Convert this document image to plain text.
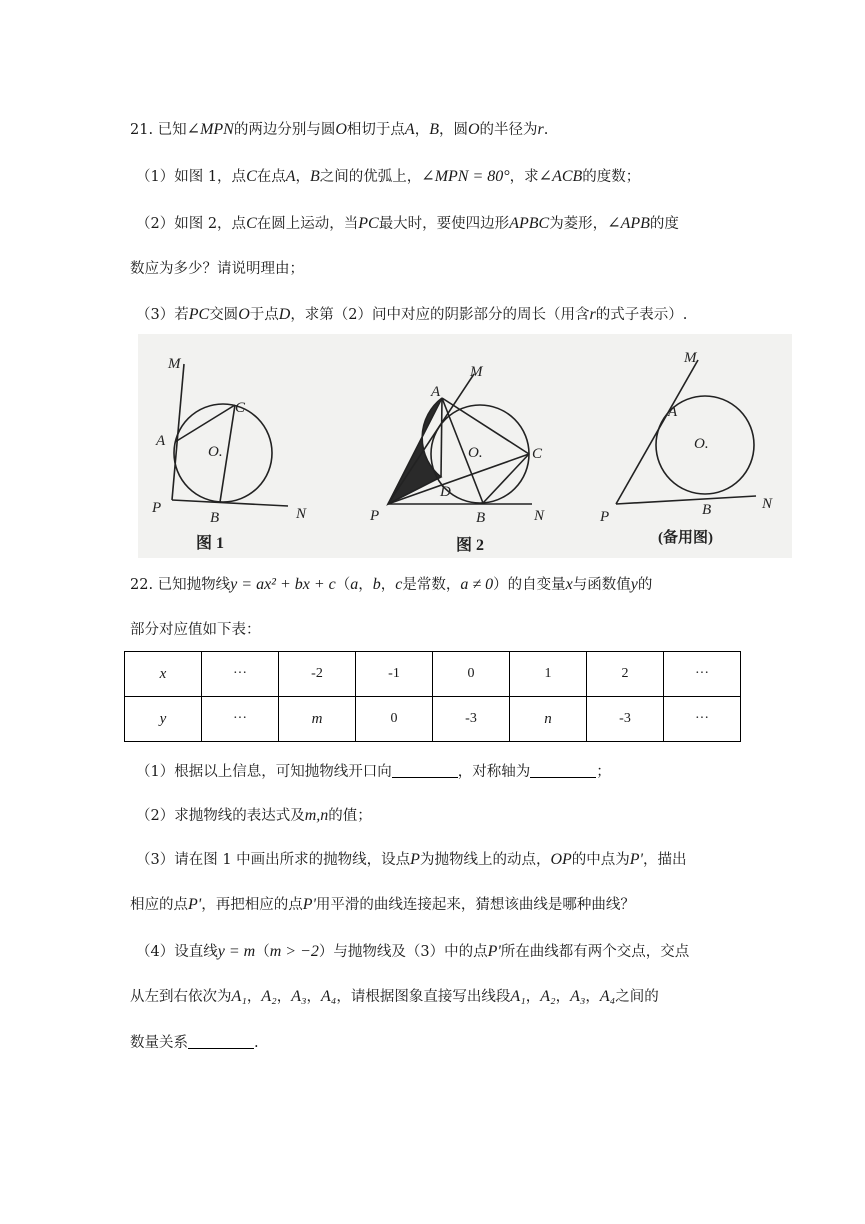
21. 已知∠MPN的两边分别与圆O相切于点A，B，圆O的半径为r.
（1）如图 1，点C在点A，B之间的优弧上，∠MPN = 80°，求∠ACB的度数；
（2）如图 2，点C在圆上运动，当PC最大时，要使四边形APBC为菱形，∠APB的度
数应为多少？请说明理由；
（3）若PC交圆O于点D，求第（2）问中对应的阴影部分的周长（用含r的式子表示）.
M
A
C
O.
P
B	N
图 1
M
A
O.	C
D
P	B	N
图 2
M
A
O.
P	B	N
(备用图)
22. 已知抛物线y = ax² + bx + c（a，b，c是常数，a ≠ 0）的自变量x与函数值y的
部分对应值如下表：
x	···	-2	-1	0	1	2	···
y	···	m	0	-3	n	-3	···
（1）根据以上信息，可知抛物线开口向	，对称轴为	；
（2）求抛物线的表达式及m,n的值；
（3）请在图 1 中画出所求的抛物线，设点P为抛物线上的动点，OP的中点为P'，描出
相应的点P'，再把相应的点P'用平滑的曲线连接起来，猜想该曲线是哪种曲线？
（4）设直线y = m（m > −2）与抛物线及（3）中的点P'所在曲线都有两个交点，交点
从左到右依次为A₁，A₂，A₃，A₄，请根据图象直接写出线段A₁，A₂，A₃，A₄之间的
数量关系	.
